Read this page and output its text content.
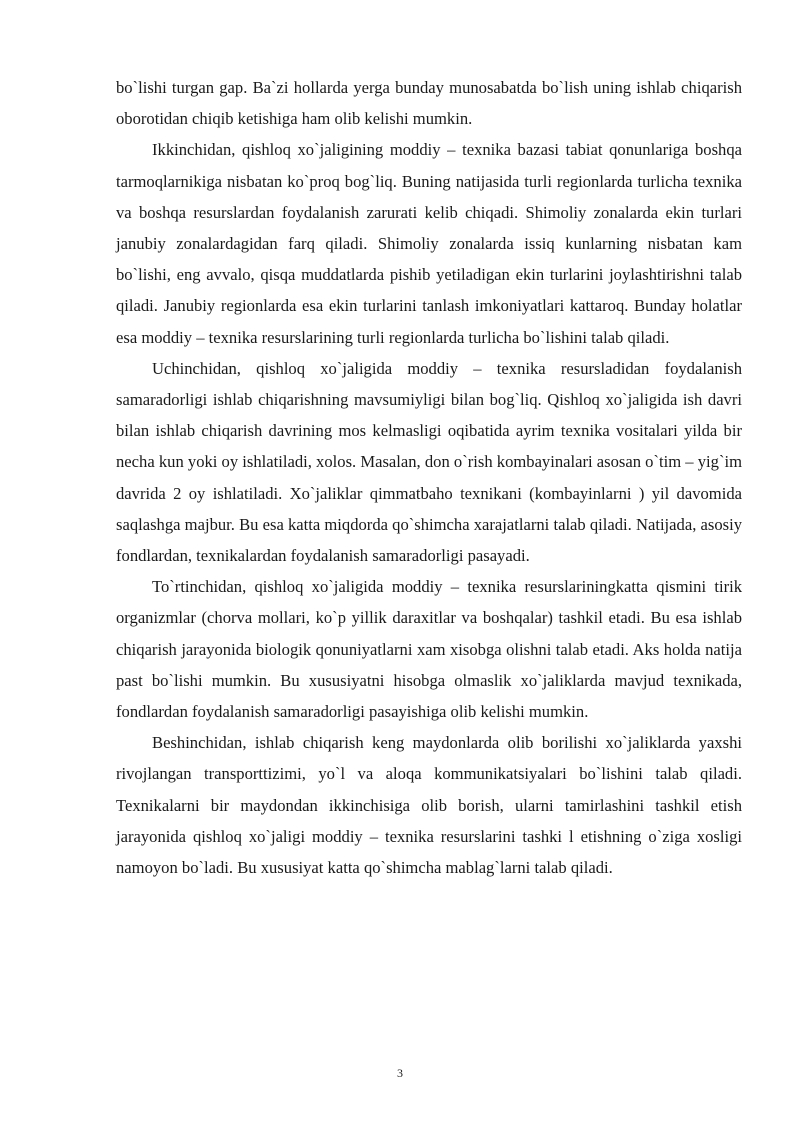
bo`lishi turgan gap. Ba`zi hollarda yerga bunday munosabatda bo`lish uning ishlab chiqarish oborotidan chiqib ketishiga ham olib kelishi mumkin.

Ikkinchidan, qishloq xo`jaligining moddiy – texnika bazasi tabiat qonunlariga boshqa tarmoqlarnikiga nisbatan ko`proq bog`liq. Buning natijasida turli regionlarda turlicha texnika va boshqa resurslardan foydalanish zarurati kelib chiqadi. Shimoliy zonalarda ekin turlari janubiy zonalardagidan farq qiladi. Shimoliy zonalarda issiq kunlarning nisbatan kam bo`lishi, eng avvalo, qisqa muddatlarda pishib yetiladigan ekin turlarini joylashtirishni talab qiladi. Janubiy regionlarda esa ekin turlarini tanlash imkoniyatlari kattaroq. Bunday holatlar esa moddiy – texnika resurslarining turli regionlarda turlicha bo`lishini talab qiladi.

Uchinchidan, qishloq xo`jaligida moddiy – texnika resursladidan foydalanish samaradorligi ishlab chiqarishning mavsumiyligi bilan bog`liq. Qishloq xo`jaligida ish davri bilan ishlab chiqarish davrining mos kelmasligi oqibatida ayrim texnika vositalari yilda bir necha kun yoki oy ishlatiladi, xolos. Masalan, don o`rish kombayinalari asosan o`tim – yig`im davrida 2 oy ishlatiladi. Xo`jaliklar qimmatbaho texnikani (kombayinlarni ) yil davomida saqlashga majbur. Bu esa katta miqdorda qo`shimcha xarajatlarni talab qiladi. Natijada, asosiy fondlardan, texnikalardan foydalanish samaradorligi pasayadi.

To`rtinchidan, qishloq xo`jaligida moddiy – texnika resurslariningkatta qismini tirik organizmlar (chorva mollari, ko`p yillik daraxitlar va boshqalar) tashkil etadi. Bu esa ishlab chiqarish jarayonida biologik qonuniyatlarni xam xisobga olishni talab etadi. Aks holda natija past bo`lishi mumkin. Bu xususiyatni hisobga olmaslik xo`jaliklarda mavjud texnikada, fondlardan foydalanish samaradorligi pasayishiga olib kelishi mumkin.

Beshinchidan, ishlab chiqarish keng maydonlarda olib borilishi xo`jaliklarda yaxshi rivojlangan transporttizimi, yo`l va aloqa kommunikatsiyalari bo`lishini talab qiladi. Texnikalarni bir maydondan ikkinchisiga olib borish, ularni tamirlashini tashkil etish jarayonida qishloq xo`jaligi moddiy – texnika resurslarini tashki l etishning o`ziga xosligi namoyon bo`ladi. Bu xususiyat katta qo`shimcha mablag`larni talab qiladi.

3
